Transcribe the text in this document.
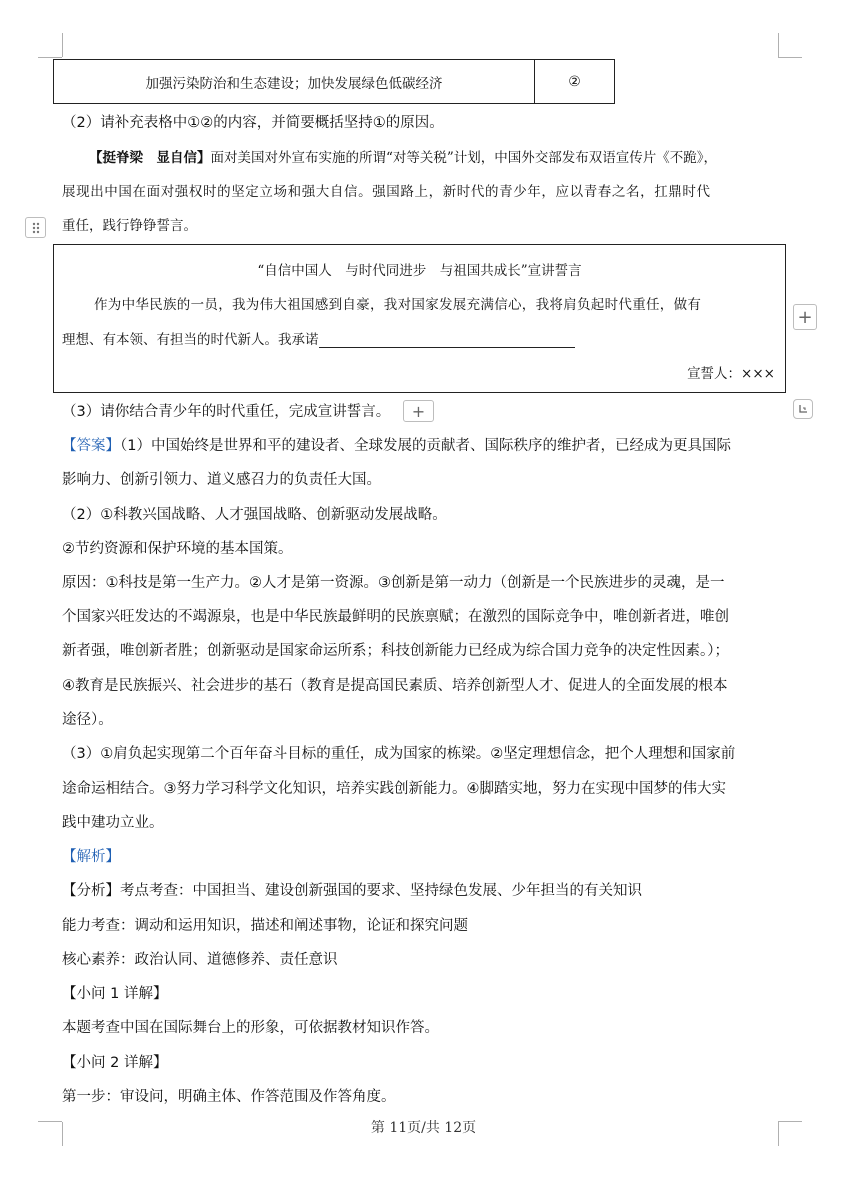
加强污染防治和生态建设；加快发展绿色低碳经济	②
（2）请补充表格中①②的内容，并简要概括坚持①的原因。
【挺脊梁　显自信】面对美国对外宣布实施的所谓“对等关税”计划，中国外交部发布双语宣传片《不跪》，
展现出中国在面对强权时的坚定立场和强大自信。强国路上，新时代的青少年，应以青春之名，扛鼎时代
重任，践行铮铮誓言。
“自信中国人　与时代同进步　与祖国共成长”宣讲誓言
作为中华民族的一员，我为伟大祖国感到自豪，我对国家发展充满信心，我将肩负起时代重任，做有
理想、有本领、有担当的时代新人。我承诺
宣誓人：×××
+
（3）请你结合青少年的时代重任，完成宣讲誓言。	+
【答案】（1）中国始终是世界和平的建设者、全球发展的贡献者、国际秩序的维护者，已经成为更具国际
影响力、创新引领力、道义感召力的负责任大国。
（2）①科教兴国战略、人才强国战略、创新驱动发展战略。
②节约资源和保护环境的基本国策。
原因：①科技是第一生产力。②人才是第一资源。③创新是第一动力（创新是一个民族进步的灵魂，是一
个国家兴旺发达的不竭源泉，也是中华民族最鲜明的民族禀赋；在激烈的国际竞争中，唯创新者进，唯创
新者强，唯创新者胜；创新驱动是国家命运所系；科技创新能力已经成为综合国力竞争的决定性因素。）；
④教育是民族振兴、社会进步的基石（教育是提高国民素质、培养创新型人才、促进人的全面发展的根本
途径）。
（3）①肩负起实现第二个百年奋斗目标的重任，成为国家的栋梁。②坚定理想信念，把个人理想和国家前
途命运相结合。③努力学习科学文化知识，培养实践创新能力。④脚踏实地，努力在实现中国梦的伟大实
践中建功立业。
【解析】
【分析】考点考查：中国担当、建设创新强国的要求、坚持绿色发展、少年担当的有关知识
能力考查：调动和运用知识，描述和阐述事物，论证和探究问题
核心素养：政治认同、道德修养、责任意识
【小问 1 详解】
本题考查中国在国际舞台上的形象，可依据教材知识作答。
【小问 2 详解】
第一步：审设问，明确主体、作答范围及作答角度。
第 11页/共 12页
